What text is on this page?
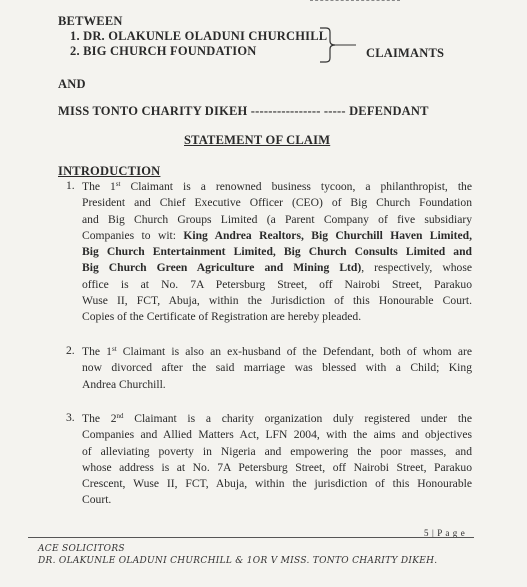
BETWEEN
1. DR. OLAKUNLE OLADUNI CHURCHILL
2. BIG CHURCH FOUNDATION	CLAIMANTS
AND
MISS TONTO CHARITY DIKEH ---------------- ----- DEFENDANT
STATEMENT OF CLAIM
INTRODUCTION
1. The 1st Claimant is a renowned business tycoon, a philanthropist, the
President and Chief Executive Officer (CEO) of Big Church Foundation
and Big Church Groups Limited (a Parent Company of five subsidiary
Companies to wit: King Andrea Realtors, Big Churchill Haven Limited,
Big Church Entertainment Limited, Big Church Consults Limited and
Big Church Green Agriculture and Mining Ltd), respectively, whose
office is at No. 7A Petersburg Street, off Nairobi Street, Parakuo
Wuse II, FCT, Abuja, within the Jurisdiction of this Honourable Court.
Copies of the Certificate of Registration are hereby pleaded.
2. The 1st Claimant is also an ex-husband of the Defendant, both of whom are
now divorced after the said marriage was blessed with a Child; King
Andrea Churchill.
3. The 2nd Claimant is a charity organization duly registered under the
Companies and Allied Matters Act, LFN 2004, with the aims and objectives
of alleviating poverty in Nigeria and empowering the poor masses, and
whose address is at No. 7A Petersburg Street, off Nairobi Street, Parakuo
Crescent, Wuse II, FCT, Abuja, within the jurisdiction of this Honourable
Court.
5 | P a g e
ACE SOLICITORS
DR. OLAKUNLE OLADUNI CHURCHILL & 1OR V MISS. TONTO CHARITY DIKEH.
